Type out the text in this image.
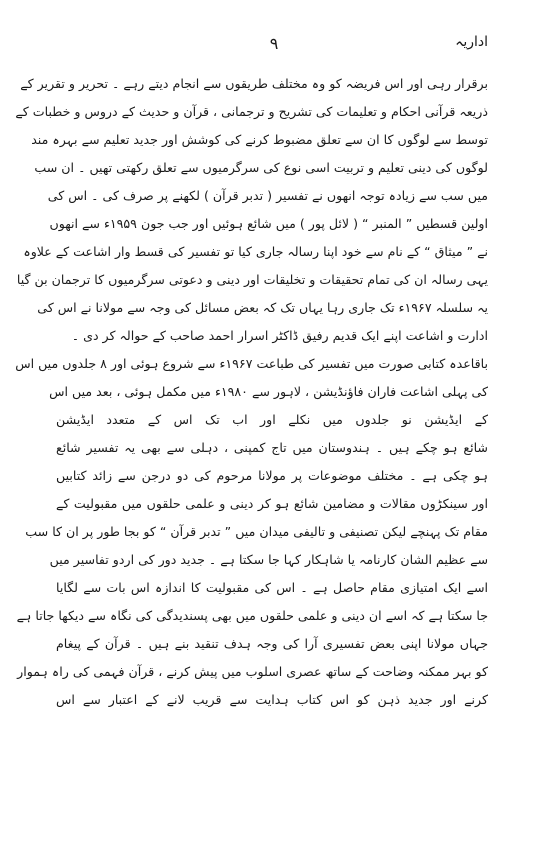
۹	اداریہ
برقرار رہی اور اس فریضہ کو وہ مختلف طریقوں سے انجام دیتے رہے ۔ تحریر و تقریر کے
ذریعہ قرآنی احکام و تعلیمات کی تشریح و ترجمانی ، قرآن و حدیث کے دروس و خطبات کے
توسط سے لوگوں کا ان سے تعلق مضبوط کرنے کی کوشش اور جدید تعلیم سے بہرہ مند
لوگوں کی دینی تعلیم و تربیت اسی نوع کی سرگرمیوں سے تعلق رکھتی تھیں ۔ ان سب
میں سب سے زیادہ توجہ انھوں نے تفسیر ( تدبر قرآن ) لکھنے پر صرف کی ۔ اس کی
اولین قسطیں ” المنبر “ ( لائل پور ) میں شائع ہوئیں اور جب جون ۱۹۵۹ء سے انھوں
نے ” میثاق “ کے نام سے خود اپنا رسالہ جاری کیا تو تفسیر کی قسط وار اشاعت کے علاوہ
یہی رسالہ ان کی تمام تحقیقات و تخلیقات اور دینی و دعوتی سرگرمیوں کا ترجمان بن گیا
یہ سلسلہ ۱۹۶۷ء تک جاری رہا یہاں تک کہ بعض مسائل کی وجہ سے مولانا نے اس کی
ادارت و اشاعت اپنے ایک قدیم رفیق ڈاکٹر اسرار احمد صاحب کے حوالہ کر دی ۔
باقاعدہ کتابی صورت میں تفسیر کی طباعت ۱۹۶۷ء سے شروع ہوئی اور ۸ جلدوں میں اس
کی پہلی اشاعت فاران فاؤنڈیشن ، لاہور سے ۱۹۸۰ء میں مکمل ہوئی ، بعد میں اس
کے ایڈیشن نو جلدوں میں نکلے اور اب تک اس کے متعدد ایڈیشن
شائع ہو چکے ہیں ۔ ہندوستان میں تاج کمپنی ، دہلی سے بھی یہ تفسیر شائع
ہو چکی ہے ۔ مختلف موضوعات پر مولانا مرحوم کی دو درجن سے زائد کتابیں
اور سینکڑوں مقالات و مضامین شائع ہو کر دینی و علمی حلقوں میں مقبولیت کے
مقام تک پہنچے لیکن تصنیفی و تالیفی میدان میں ” تدبر قرآن “ کو بجا طور پر ان کا سب
سے عظیم الشان کارنامہ یا شاہکار کہا جا سکتا ہے ۔ جدید دور کی اردو تفاسیر میں
اسے ایک امتیازی مقام حاصل ہے ۔ اس کی مقبولیت کا اندازہ اس بات سے لگایا
جا سکتا ہے کہ اسے ان دینی و علمی حلقوں میں بھی پسندیدگی کی نگاہ سے دیکھا جاتا ہے
جہاں مولانا اپنی بعض تفسیری آرا کی وجہ ہدف تنقید بنے ہیں ۔ قرآن کے پیغام
کو بہر ممکنہ وضاحت کے ساتھ عصری اسلوب میں پیش کرنے ، قرآن فہمی کی راہ ہموار
کرنے اور جدید ذہن کو اس کتاب ہدایت سے قریب لانے کے اعتبار سے اس
